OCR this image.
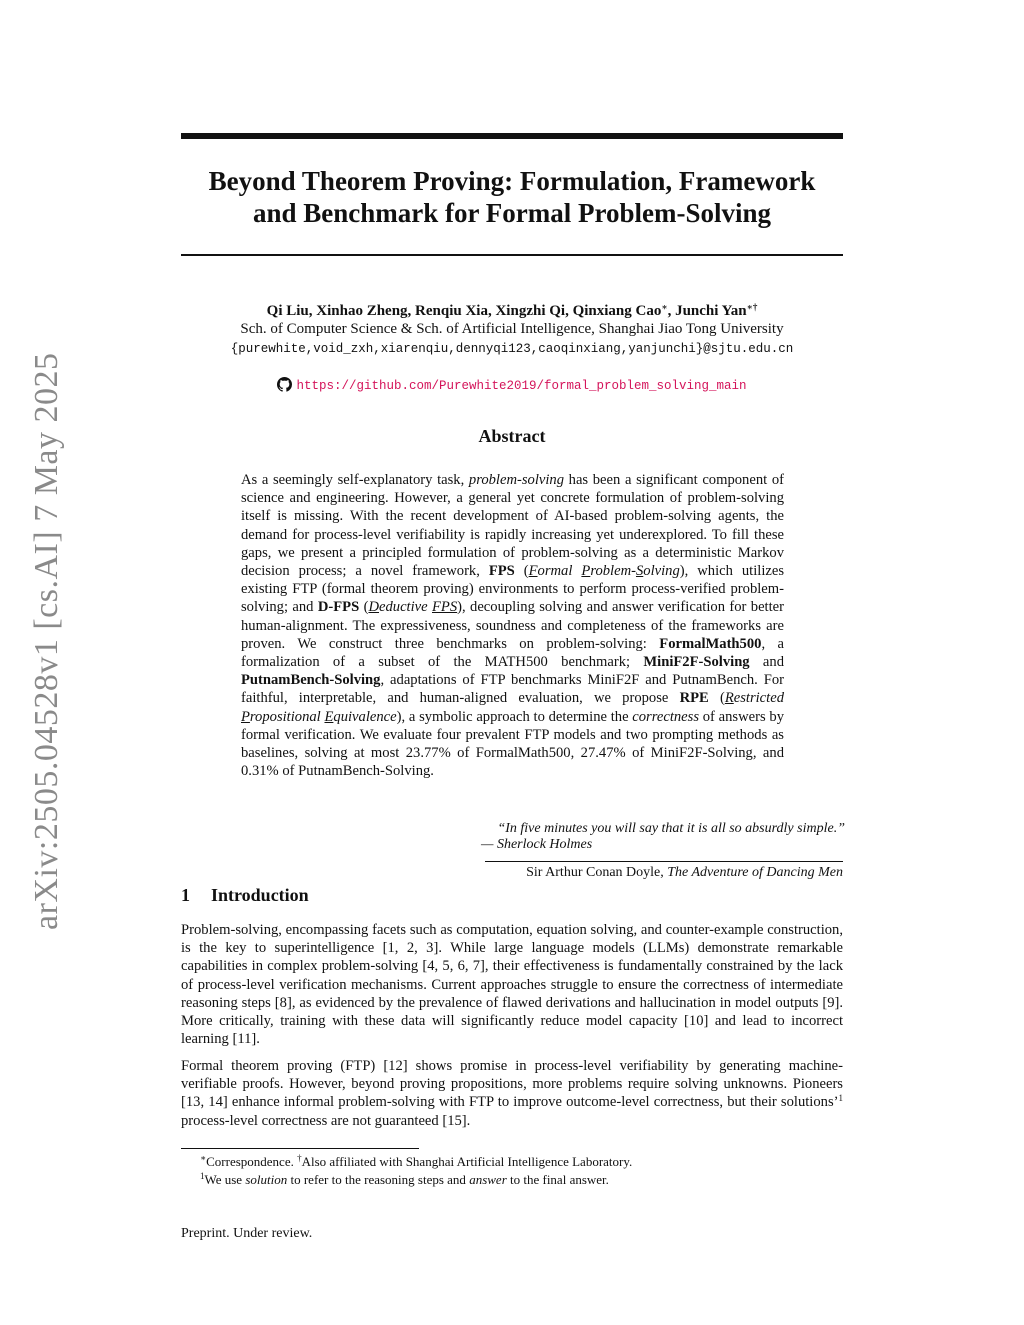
arXiv:2505.04528v1 [cs.AI] 7 May 2025
Beyond Theorem Proving: Formulation, Framework
and Benchmark for Formal Problem-Solving
Qi Liu, Xinhao Zheng, Renqiu Xia, Xingzhi Qi, Qinxiang Cao∗, Junchi Yan∗†
Sch. of Computer Science & Sch. of Artificial Intelligence, Shanghai Jiao Tong University
{purewhite,void_zxh,xiarenqiu,dennyqi123,caoqinxiang,yanjunchi}@sjtu.edu.cn
https://github.com/Purewhite2019/formal_problem_solving_main
Abstract
As a seemingly self-explanatory task, problem-solving has been a significant component of science and engineering. However, a general yet concrete formulation of problem-solving itself is missing. With the recent development of AI-based problem-solving agents, the demand for process-level verifiability is rapidly increasing yet underexplored. To fill these gaps, we present a principled formulation of problem-solving as a deterministic Markov decision process; a novel framework, FPS (Formal Problem-Solving), which utilizes existing FTP (formal theorem proving) environments to perform process-verified problem-solving; and D-FPS (Deductive FPS), decoupling solving and answer verification for better human-alignment. The expressiveness, soundness and completeness of the frameworks are proven. We construct three benchmarks on problem-solving: FormalMath500, a formalization of a subset of the MATH500 benchmark; MiniF2F-Solving and PutnamBench-Solving, adaptations of FTP benchmarks MiniF2F and PutnamBench. For faithful, interpretable, and human-aligned evaluation, we propose RPE (Restricted Propositional Equivalence), a symbolic approach to determine the correctness of answers by formal verification. We evaluate four prevalent FTP models and two prompting methods as baselines, solving at most 23.77% of FormalMath500, 27.47% of MiniF2F-Solving, and 0.31% of PutnamBench-Solving.
“In five minutes you will say that it is all so absurdly simple.”
— Sherlock Holmes
Sir Arthur Conan Doyle, The Adventure of Dancing Men
1 Introduction
Problem-solving, encompassing facets such as computation, equation solving, and counter-example construction, is the key to superintelligence [1, 2, 3]. While large language models (LLMs) demonstrate remarkable capabilities in complex problem-solving [4, 5, 6, 7], their effectiveness is fundamentally constrained by the lack of process-level verification mechanisms. Current approaches struggle to ensure the correctness of intermediate reasoning steps [8], as evidenced by the prevalence of flawed derivations and hallucination in model outputs [9]. More critically, training with these data will significantly reduce model capacity [10] and lead to incorrect learning [11].
Formal theorem proving (FTP) [12] shows promise in process-level verifiability by generating machine-verifiable proofs. However, beyond proving propositions, more problems require solving unknowns. Pioneers [13, 14] enhance informal problem-solving with FTP to improve outcome-level correctness, but their solutions’$^1$ process-level correctness are not guaranteed [15].
∗Correspondence. †Also affiliated with Shanghai Artificial Intelligence Laboratory.
$^1$We use solution to refer to the reasoning steps and answer to the final answer.
Preprint. Under review.
